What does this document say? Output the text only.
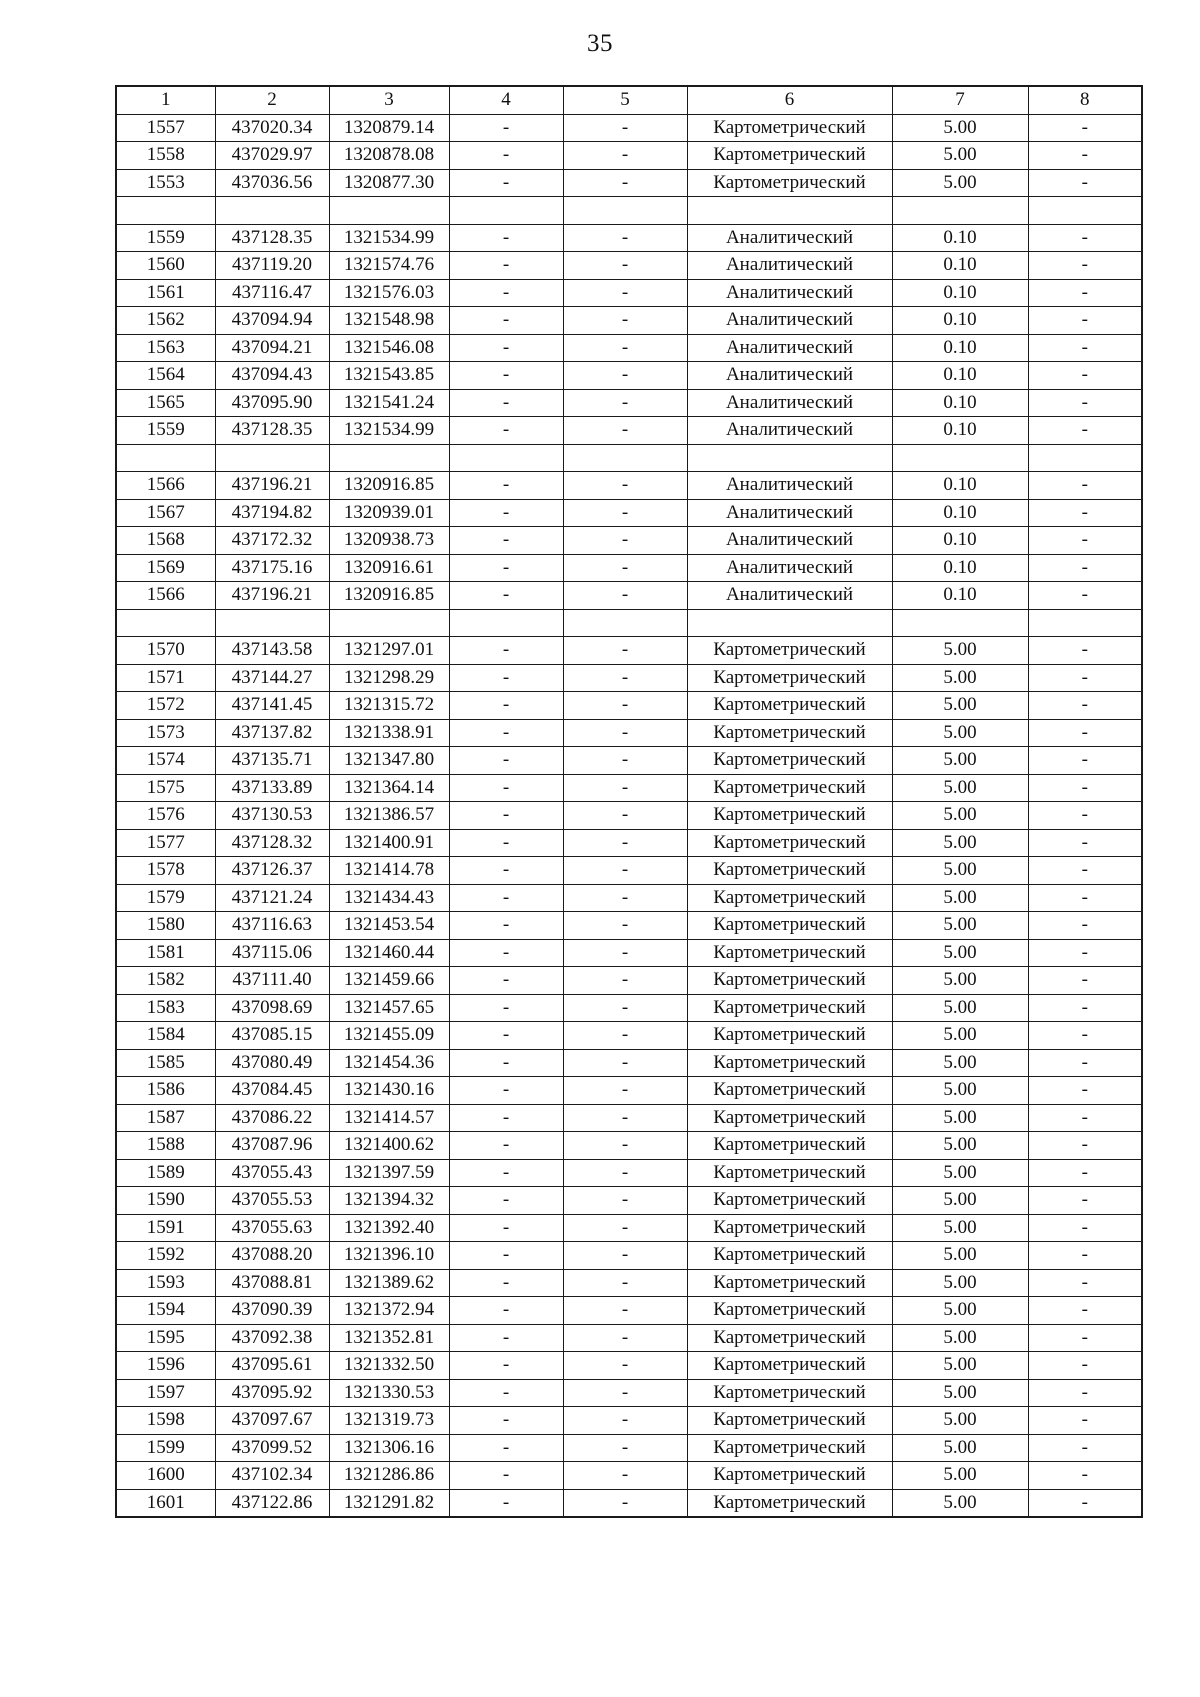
35
1	2	3	4	5	6	7	8
1557	437020.34	1320879.14	-	-	Картометрический	5.00	-
1558	437029.97	1320878.08	-	-	Картометрический	5.00	-
1553	437036.56	1320877.30	-	-	Картометрический	5.00	-

1559	437128.35	1321534.99	-	-	Аналитический	0.10	-
1560	437119.20	1321574.76	-	-	Аналитический	0.10	-
1561	437116.47	1321576.03	-	-	Аналитический	0.10	-
1562	437094.94	1321548.98	-	-	Аналитический	0.10	-
1563	437094.21	1321546.08	-	-	Аналитический	0.10	-
1564	437094.43	1321543.85	-	-	Аналитический	0.10	-
1565	437095.90	1321541.24	-	-	Аналитический	0.10	-
1559	437128.35	1321534.99	-	-	Аналитический	0.10	-

1566	437196.21	1320916.85	-	-	Аналитический	0.10	-
1567	437194.82	1320939.01	-	-	Аналитический	0.10	-
1568	437172.32	1320938.73	-	-	Аналитический	0.10	-
1569	437175.16	1320916.61	-	-	Аналитический	0.10	-
1566	437196.21	1320916.85	-	-	Аналитический	0.10	-

1570	437143.58	1321297.01	-	-	Картометрический	5.00	-
1571	437144.27	1321298.29	-	-	Картометрический	5.00	-
1572	437141.45	1321315.72	-	-	Картометрический	5.00	-
1573	437137.82	1321338.91	-	-	Картометрический	5.00	-
1574	437135.71	1321347.80	-	-	Картометрический	5.00	-
1575	437133.89	1321364.14	-	-	Картометрический	5.00	-
1576	437130.53	1321386.57	-	-	Картометрический	5.00	-
1577	437128.32	1321400.91	-	-	Картометрический	5.00	-
1578	437126.37	1321414.78	-	-	Картометрический	5.00	-
1579	437121.24	1321434.43	-	-	Картометрический	5.00	-
1580	437116.63	1321453.54	-	-	Картометрический	5.00	-
1581	437115.06	1321460.44	-	-	Картометрический	5.00	-
1582	437111.40	1321459.66	-	-	Картометрический	5.00	-
1583	437098.69	1321457.65	-	-	Картометрический	5.00	-
1584	437085.15	1321455.09	-	-	Картометрический	5.00	-
1585	437080.49	1321454.36	-	-	Картометрический	5.00	-
1586	437084.45	1321430.16	-	-	Картометрический	5.00	-
1587	437086.22	1321414.57	-	-	Картометрический	5.00	-
1588	437087.96	1321400.62	-	-	Картометрический	5.00	-
1589	437055.43	1321397.59	-	-	Картометрический	5.00	-
1590	437055.53	1321394.32	-	-	Картометрический	5.00	-
1591	437055.63	1321392.40	-	-	Картометрический	5.00	-
1592	437088.20	1321396.10	-	-	Картометрический	5.00	-
1593	437088.81	1321389.62	-	-	Картометрический	5.00	-
1594	437090.39	1321372.94	-	-	Картометрический	5.00	-
1595	437092.38	1321352.81	-	-	Картометрический	5.00	-
1596	437095.61	1321332.50	-	-	Картометрический	5.00	-
1597	437095.92	1321330.53	-	-	Картометрический	5.00	-
1598	437097.67	1321319.73	-	-	Картометрический	5.00	-
1599	437099.52	1321306.16	-	-	Картометрический	5.00	-
1600	437102.34	1321286.86	-	-	Картометрический	5.00	-
1601	437122.86	1321291.82	-	-	Картометрический	5.00	-
